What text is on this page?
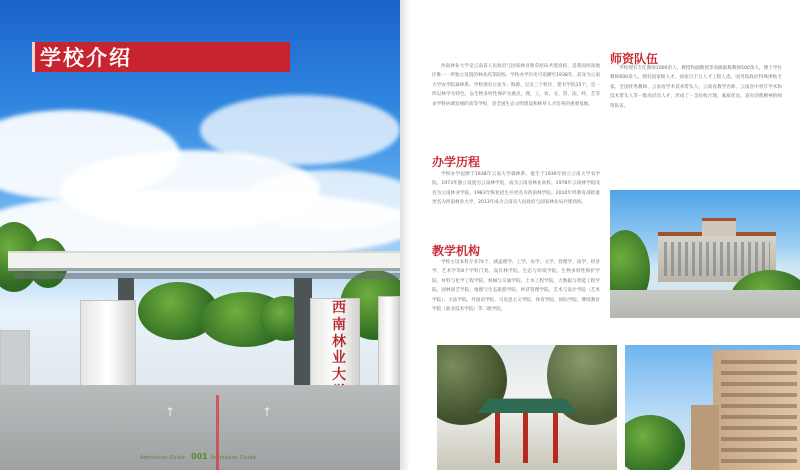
学校介绍
西
南
林
业
大
↑	↑
Admission Guide 001 Admission Guide

西南林业大学是云南省人民政府与国家林业和草原局共建高校，是我国西南地区唯一一所独立设置的林业高等院校。学校办学历史可追溯至1938年，前身为云南大学农学院森林系。学校现有白龙寺、海源、呈贡三个校区，建有学院15个，是一所以林学为特色，以生物多样性保护为重点，理、工、农、文、管、法、经、艺等多学科协调发展的高等学校，是全国生态文明建设和林草人才培养的重要基地。

办学历程

学校办学起源于1938年云南大学森林系，诞生于1939年国立云南大学农学院。1973年独立设置为云南林学院，成为云南省林业高校。1978年云南林学院改名为云南林业学院，1983年恢复招生并更名为西南林学院。2010年经教育部批准更名为西南林业大学，2013年成为云南省人民政府与国家林业局共建高校。

教学机构

学校主设本科专业74个，涵盖理学、工学、农学、文学、管理学、法学、经济学、艺术学等8个学科门类。设有林学院、生态与环境学院、生物多样性保护学院、材料与化学工程学院、机械与交通学院、土木工程学院、大数据与智能工程学院、园林园艺学院、地理与生态旅游学院、经济管理学院、艺术与设计学院（艺术学院）、文法学院、外国语学院、马克思主义学院、体育学院、国际学院、继续教育学院（职业技术学院）等二级学院。

师资队伍

学校现有专任教师1000余人，教授和副教授等高级职称教师500余人，博士学位教师600余人。拥有国家级人才、国家百千万人才工程人选、国务院政府特殊津贴专家、全国优秀教师、云南省学术技术带头人、云南省教学名师、云南省中青年学术和技术带头人等一批高层次人才，形成了一支结构合理、素质优良、富有创新精神的师资队伍。
